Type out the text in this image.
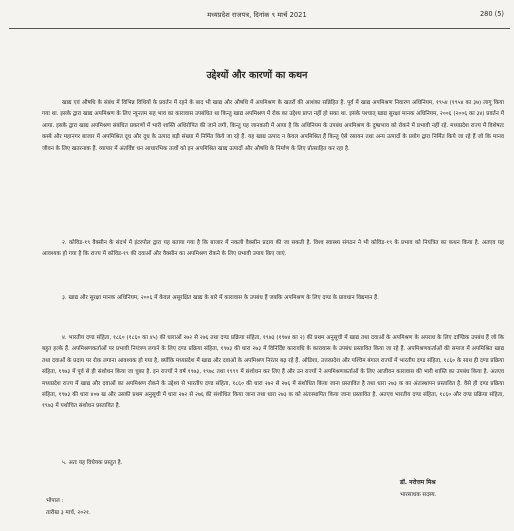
मध्यप्रदेश राजपत्र, दिनांक ९ मार्च 2021	280 (5)
उद्देश्यों और कारणों का कथन

खाद्य एवं औषधि के संबंध में विभिन्न विधियों के प्रवर्तन में रहने के बाद भी खाद्य और औषधि में अपमिश्रण के खतरों की आशंका सन्निहित है. पूर्व में खाद्य अपमिश्रण निवारण अधिनियम, १९५४ (१९५४ का ३७) लागू किया गया था. इसके द्वारा खाद्य अपमिश्रण के लिए न्यूनतम सह भाव का कारावास उपबंधित था किन्तु खाद्य अपमिश्रण में रोक का उद्देश्य प्राप्त नहीं हो सका था. इसके पश्चात् खाद्य सुरक्षा मानक अधिनियम, २००६ (२००६ का ३४) प्रवर्तन में आया. इसके द्वारा खाद्य अपमिश्रण संबंधित प्रकरणों में भारी शास्ति अधिरोपित की जाने लगी, किन्तु यह जानकारी में आया है कि अधिनियम के उपबंध अपमिश्रण के दुष्प्रभाव को रोकने में प्रभावी नहीं रहे. मध्यप्रदेश राज्य में विशेषतः कस्बे और महानगर बाजार में अपमिश्रित दूध और दूध के उत्पाद बड़ी संख्या में निर्मित किये जा रहे हैं. यह खाद्य उत्पाद न केवल अपमिश्रित हैं किन्तु ऐसे रसायन तथा अन्य उत्पादों के प्रयोग द्वारा निर्मित किये जा रहे हैं जो कि मानव जीवन के लिए खतरनाक हैं. व्यापार में अंतर्विष्ट धन आधारभिक तत्वों को इन अपमिश्रित खाद्य उत्पादों और औषधि के निर्माण के लिए प्रोत्साहित कर रहा है.

२. कोविड-१९ वैक्सीन के संदर्भ में इंटरपोल द्वारा यह बताया गया है कि बाजार में नकली वैक्सीन प्रदाय की जा सकती है. विश्व स्वास्थ्य संगठन ने भी कोविड-१९ के प्रभाव को नियंत्रित का कथन किया है. अतएव यह आवश्यक हो गया है कि राज्य में कोविड-१९ की दवाओं और वैक्सीन का अपमिश्रण रोकने के लिए प्रभावी उपाय किए जाएं.

३. खाद्य और सुरक्षा मानक अधिनियम, २००६ में केवल असुरक्षित खाद्य के बारे में कारावास के उपबंध हैं जबकि अपमिश्रण के लिए दण्ड के प्रावधान विद्यमान हैं.

४. भारतीय दण्ड संहिता, १८६० (१८६० का ४५) की धाराओं २७२ से २७६ तथा दण्ड प्रक्रिया संहिता, १९७३ (१९७४ का २) की प्रथम अनुसूची में खाद्य तथा दवाओं के अपमिश्रण के अपराध के लिए दाण्डिक उपबंध हैं जो कि बहुत हल्के हैं. अपमिश्रणकर्ताओं पर प्रभावी नियंत्रण लगाने के लिए दण्ड प्रक्रिया संहिता, १९७३ की धारा २७३ में विनिर्दिष्ट कारावधि के कारावास के उपबंध प्रस्तावित किया जा रहे हैं. अपमिश्रणकर्ताओं की समाज में अपमिश्रित खाद्य तथा दवाओं के प्रदाय पर रोक लगाना आवश्यक हो गया है, क्योंकि मध्यप्रदेश में खाद्य और दवाओं के अपमिश्रण निरंतर बढ़ रहे हैं. ओडिशा, उत्तरप्रदेश और पश्चिम बंगाल राज्यों में भारतीय दण्ड संहिता, १८६० के साथ ही दण्ड प्रक्रिया संहिता, १९७३ में पूर्व से ही संशोधन किया जा चुका है. इन राज्यों ने वर्ष १९७३, १९७८ तथा १९९९ में संशोधन कर लिए हैं और उन राज्यों ने अपमिश्रणकर्ताओं के लिए आजीवन कारावास की भारी शास्ति का उपबंध किया है. अतएव मध्यप्रदेश राज्य में खाद्य और दवाओं का अपमिश्रण रोकने के उद्देश्य से भारतीय दण्ड संहिता, १८६० की धारा २७२ से २७६ में संशोधित किया जाना प्रस्तावित है तथा धारा २७३ क का अंतःस्थापन प्रस्तावित है. वैसे ही दण्ड प्रक्रिया संहिता, १९७३ की धारा ४०७ ख और उसकी प्रथम अनुसूची में धारा २७२ से २७६ की संशोधित किया जाना तथा धारा २७३ क को अंतःस्थापित किया जाना प्रस्तावित है. अतएव भारतीय दण्ड संहिता, १८६० और दण्ड प्रक्रिया संहिता, १९७३ में यथोचित संशोधन प्रस्तावित है.

५. अतः यह विधेयक प्रस्तुत है.

डॉ. नरोत्तम मिश्र
भारसाधक सदस्य.
भोपाल :
तारीख ३ मार्च, २०२१.
